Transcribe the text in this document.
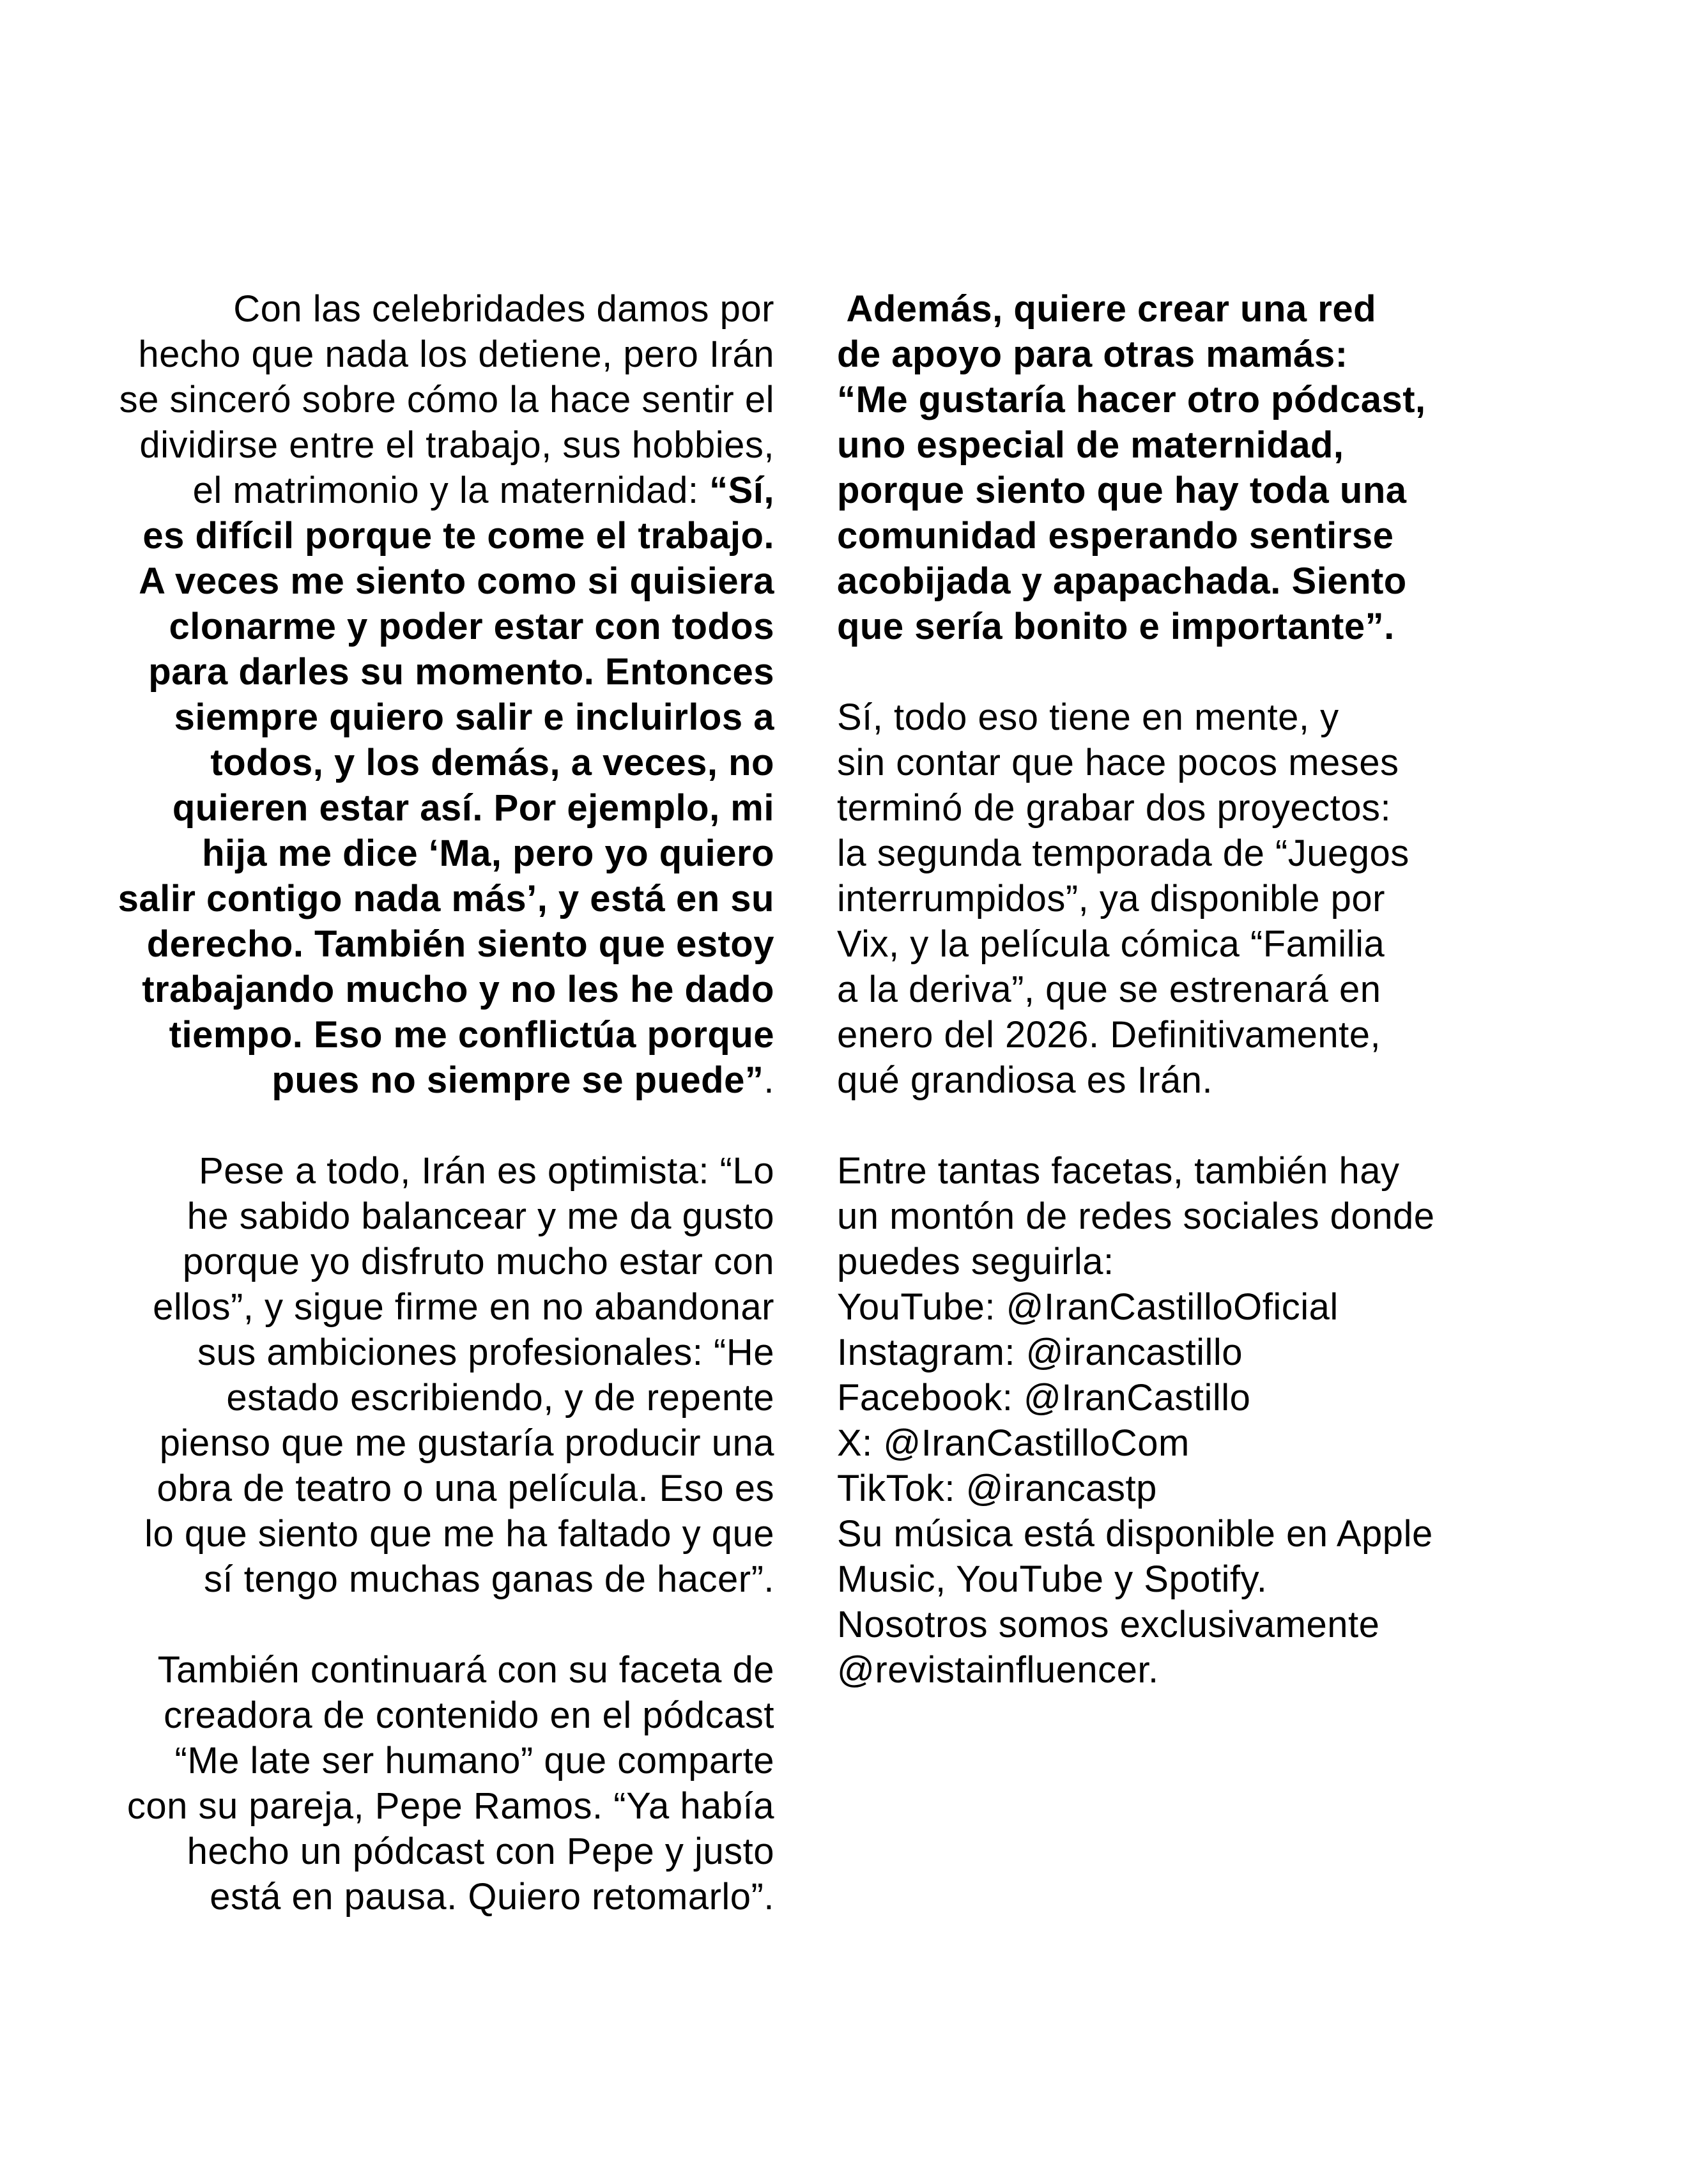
Con las celebridades damos por
hecho que nada los detiene, pero Irán
se sinceró sobre cómo la hace sentir el
dividirse entre el trabajo, sus hobbies,
el matrimonio y la maternidad: “Sí,
es difícil porque te come el trabajo.
A veces me siento como si quisiera
clonarme y poder estar con todos
para darles su momento. Entonces
siempre quiero salir e incluirlos a
todos, y los demás, a veces, no
quieren estar así. Por ejemplo, mi
hija me dice ‘Ma, pero yo quiero
salir contigo nada más’, y está en su
derecho. También siento que estoy
trabajando mucho y no les he dado
tiempo. Eso me conflictúa porque
pues no siempre se puede”.
Pese a todo, Irán es optimista: “Lo
he sabido balancear y me da gusto
porque yo disfruto mucho estar con
ellos”, y sigue firme en no abandonar
sus ambiciones profesionales: “He
estado escribiendo, y de repente
pienso que me gustaría producir una
obra de teatro o una película. Eso es
lo que siento que me ha faltado y que
sí tengo muchas ganas de hacer”.
También continuará con su faceta de
creadora de contenido en el pódcast
“Me late ser humano” que comparte
con su pareja, Pepe Ramos. “Ya había
hecho un pódcast con Pepe y justo
está en pausa. Quiero retomarlo”.
Además, quiere crear una red
de apoyo para otras mamás:
“Me gustaría hacer otro pódcast,
uno especial de maternidad,
porque siento que hay toda una
comunidad esperando sentirse
acobijada y apapachada. Siento
que sería bonito e importante”.
Sí, todo eso tiene en mente, y
sin contar que hace pocos meses
terminó de grabar dos proyectos:
la segunda temporada de “Juegos
interrumpidos”, ya disponible por
Vix, y la película cómica “Familia
a la deriva”, que se estrenará en
enero del 2026. Definitivamente,
qué grandiosa es Irán.
Entre tantas facetas, también hay
un montón de redes sociales donde
puedes seguirla:
YouTube: @IranCastilloOficial
Instagram: @irancastillo
Facebook: @IranCastillo
X: @IranCastilloCom
TikTok: @irancastp
Su música está disponible en Apple
Music, YouTube y Spotify.
Nosotros somos exclusivamente
@revistainfluencer.
